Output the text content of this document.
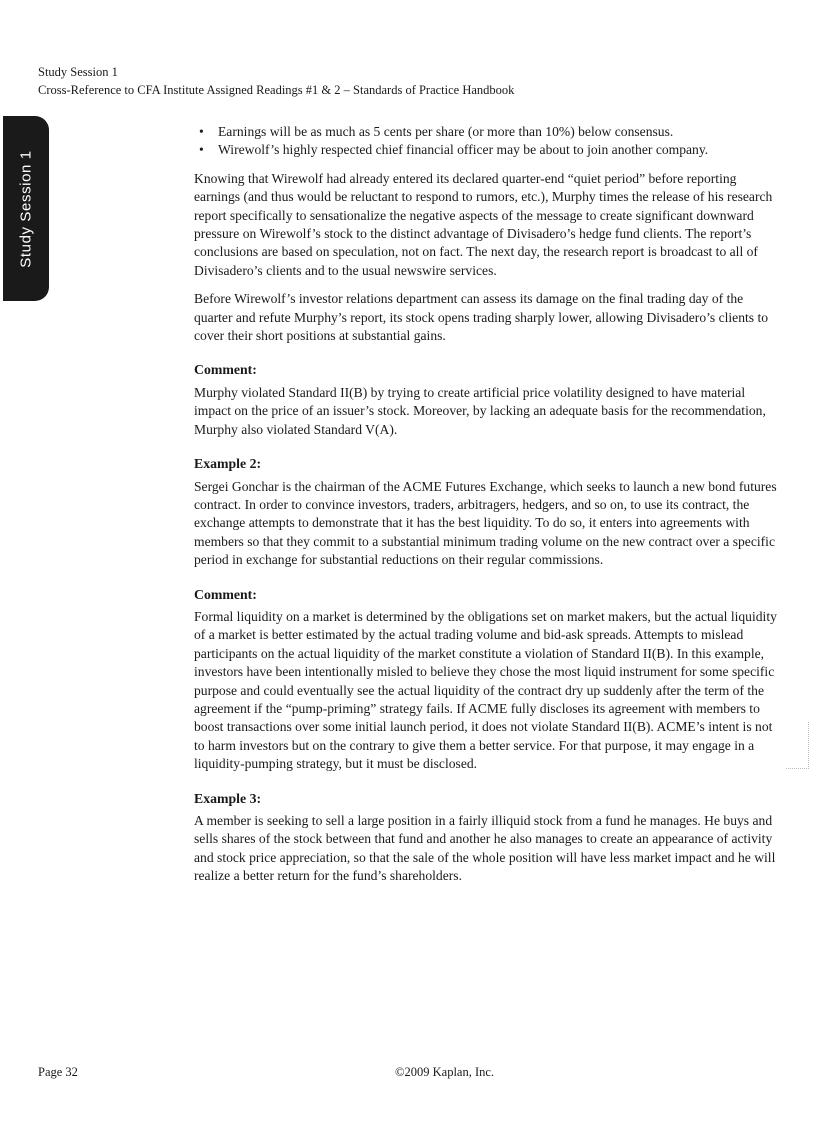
Study Session 1
Cross-Reference to CFA Institute Assigned Readings #1 & 2 – Standards of Practice Handbook
Study Session 1
• Earnings will be as much as 5 cents per share (or more than 10%) below consensus.
• Wirewolf’s highly respected chief financial officer may be about to join another company.

Knowing that Wirewolf had already entered its declared quarter-end “quiet period” before reporting earnings (and thus would be reluctant to respond to rumors, etc.), Murphy times the release of his research report specifically to sensationalize the negative aspects of the message to create significant downward pressure on Wirewolf’s stock to the distinct advantage of Divisadero’s hedge fund clients. The report’s conclusions are based on speculation, not on fact. The next day, the research report is broadcast to all of Divisadero’s clients and to the usual newswire services.

Before Wirewolf’s investor relations department can assess its damage on the final trading day of the quarter and refute Murphy’s report, its stock opens trading sharply lower, allowing Divisadero’s clients to cover their short positions at substantial gains.

Comment:

Murphy violated Standard II(B) by trying to create artificial price volatility designed to have material impact on the price of an issuer’s stock. Moreover, by lacking an adequate basis for the recommendation, Murphy also violated Standard V(A).

Example 2:

Sergei Gonchar is the chairman of the ACME Futures Exchange, which seeks to launch a new bond futures contract. In order to convince investors, traders, arbitragers, hedgers, and so on, to use its contract, the exchange attempts to demonstrate that it has the best liquidity. To do so, it enters into agreements with members so that they commit to a substantial minimum trading volume on the new contract over a specific period in exchange for substantial reductions on their regular commissions.

Comment:

Formal liquidity on a market is determined by the obligations set on market makers, but the actual liquidity of a market is better estimated by the actual trading volume and bid-ask spreads. Attempts to mislead participants on the actual liquidity of the market constitute a violation of Standard II(B). In this example, investors have been intentionally misled to believe they chose the most liquid instrument for some specific purpose and could eventually see the actual liquidity of the contract dry up suddenly after the term of the agreement if the “pump-priming” strategy fails. If ACME fully discloses its agreement with members to boost transactions over some initial launch period, it does not violate Standard II(B). ACME’s intent is not to harm investors but on the contrary to give them a better service. For that purpose, it may engage in a liquidity-pumping strategy, but it must be disclosed.

Example 3:

A member is seeking to sell a large position in a fairly illiquid stock from a fund he manages. He buys and sells shares of the stock between that fund and another he also manages to create an appearance of activity and stock price appreciation, so that the sale of the whole position will have less market impact and he will realize a better return for the fund’s shareholders.

Page 32	©2009 Kaplan, Inc.
